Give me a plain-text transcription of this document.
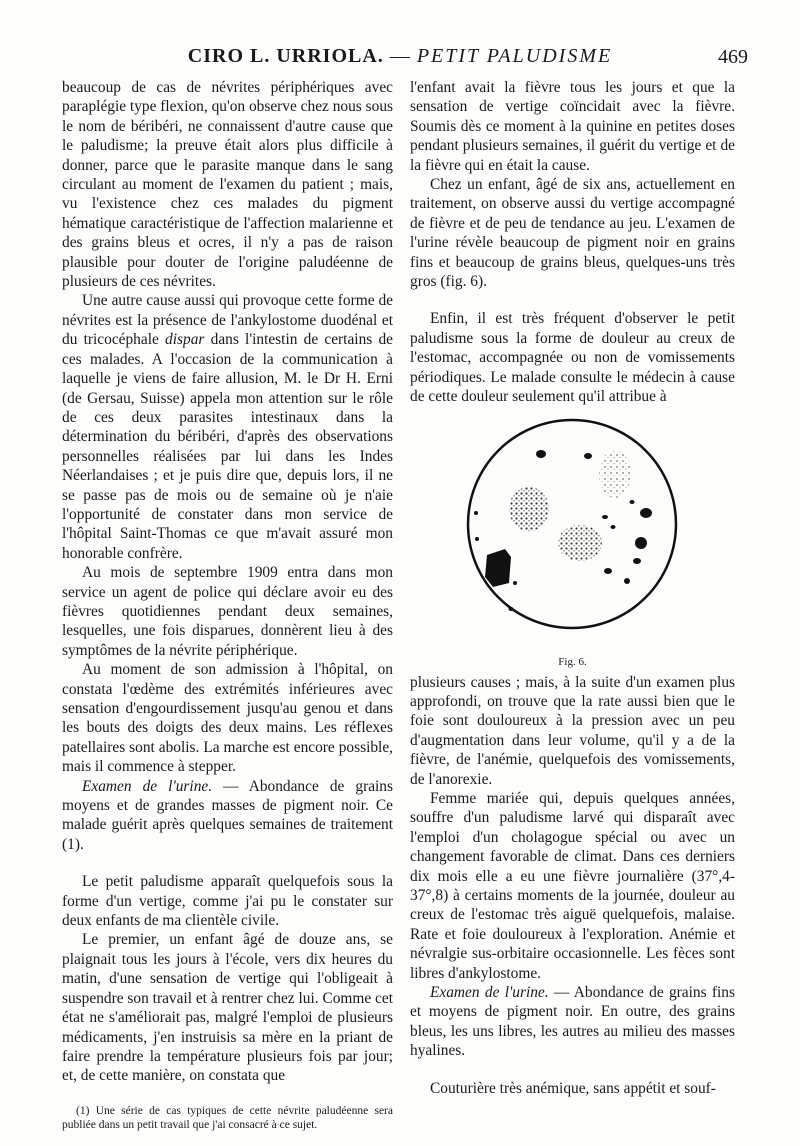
CIRO L. URRIOLA. — PETIT PALUDISME	469

beaucoup de cas de névrites périphériques avec paraplégie type flexion, qu'on observe chez nous sous le nom de béribéri, ne connaissent d'autre cause que le paludisme; la preuve était alors plus difficile à donner, parce que le parasite manque dans le sang circulant au moment de l'examen du patient ; mais, vu l'existence chez ces malades du pigment hématique caractéristique de l'affection malarienne et des grains bleus et ocres, il n'y a pas de raison plausible pour douter de l'origine paludéenne de plusieurs de ces névrites.

Une autre cause aussi qui provoque cette forme de névrites est la présence de l'ankylostome duodénal et du tricocéphale dispar dans l'intestin de certains de ces malades. A l'occasion de la communication à laquelle je viens de faire allusion, M. le Dr H. Erni (de Gersau, Suisse) appela mon attention sur le rôle de ces deux parasites intestinaux dans la détermination du béribéri, d'après des observations personnelles réalisées par lui dans les Indes Néerlandaises ; et je puis dire que, depuis lors, il ne se passe pas de mois ou de semaine où je n'aie l'opportunité de constater dans mon service de l'hôpital Saint-Thomas ce que m'avait assuré mon honorable confrère.

Au mois de septembre 1909 entra dans mon service un agent de police qui déclare avoir eu des fièvres quotidiennes pendant deux semaines, lesquelles, une fois disparues, donnèrent lieu à des symptômes de la névrite périphérique.

Au moment de son admission à l'hôpital, on constata l'œdème des extrémités inférieures avec sensation d'engourdissement jusqu'au genou et dans les bouts des doigts des deux mains. Les réflexes patellaires sont abolis. La marche est encore possible, mais il commence à stepper.

Examen de l'urine. — Abondance de grains moyens et de grandes masses de pigment noir. Ce malade guérit après quelques semaines de traitement (1).

Le petit paludisme apparaît quelquefois sous la forme d'un vertige, comme j'ai pu le constater sur deux enfants de ma clientèle civile.

Le premier, un enfant âgé de douze ans, se plaignait tous les jours à l'école, vers dix heures du matin, d'une sensation de vertige qui l'obligeait à suspendre son travail et à rentrer chez lui. Comme cet état ne s'améliorait pas, malgré l'emploi de plusieurs médicaments, j'en instruisis sa mère en la priant de faire prendre la température plusieurs fois par jour; et, de cette manière, on constata que

(1) Une série de cas typiques de cette névrite paludéenne sera publiée dans un petit travail que j'ai consacré à ce sujet.

l'enfant avait la fièvre tous les jours et que la sensation de vertige coïncidait avec la fièvre. Soumis dès ce moment à la quinine en petites doses pendant plusieurs semaines, il guérit du vertige et de la fièvre qui en était la cause.

Chez un enfant, âgé de six ans, actuellement en traitement, on observe aussi du vertige accompagné de fièvre et de peu de tendance au jeu. L'examen de l'urine révèle beaucoup de pigment noir en grains fins et beaucoup de grains bleus, quelques-uns très gros (fig. 6).

Enfin, il est très fréquent d'observer le petit paludisme sous la forme de douleur au creux de l'estomac, accompagnée ou non de vomissements périodiques. Le malade consulte le médecin à cause de cette douleur seulement qu'il attribue à

Fig. 6.

plusieurs causes ; mais, à la suite d'un examen plus approfondi, on trouve que la rate aussi bien que le foie sont douloureux à la pression avec un peu d'augmentation dans leur volume, qu'il y a de la fièvre, de l'anémie, quelquefois des vomissements, de l'anorexie.

Femme mariée qui, depuis quelques années, souffre d'un paludisme larvé qui disparaît avec l'emploi d'un cholagogue spécial ou avec un changement favorable de climat. Dans ces derniers dix mois elle a eu une fièvre journalière (37°,4-37°,8) à certains moments de la journée, douleur au creux de l'estomac très aiguë quelquefois, malaise. Rate et foie douloureux à l'exploration. Anémie et névralgie sus-orbitaire occasionnelle. Les fèces sont libres d'ankylostome.

Examen de l'urine. — Abondance de grains fins et moyens de pigment noir. En outre, des grains bleus, les uns libres, les autres au milieu des masses hyalines.

Couturière très anémique, sans appétit et souf-
